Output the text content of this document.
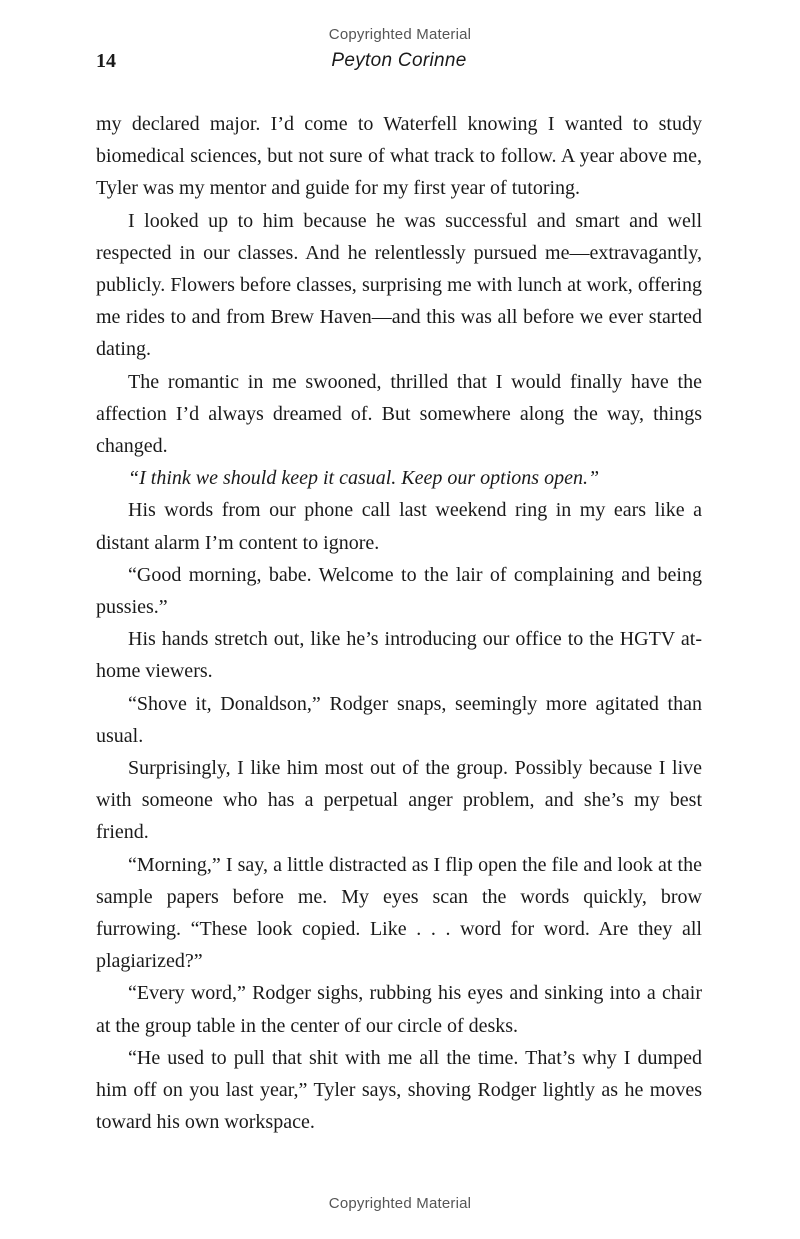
Copyrighted Material
14	Peyton Corinne

my declared major. I’d come to Waterfell knowing I wanted to study biomedical sciences, but not sure of what track to follow. A year above me, Tyler was my mentor and guide for my first year of tutoring.

I looked up to him because he was successful and smart and well respected in our classes. And he relentlessly pursued me—extravagantly, publicly. Flowers before classes, surprising me with lunch at work, offering me rides to and from Brew Haven—and this was all before we ever started dating.

The romantic in me swooned, thrilled that I would finally have the affection I’d always dreamed of. But somewhere along the way, things changed.

“I think we should keep it casual. Keep our options open.”

His words from our phone call last weekend ring in my ears like a distant alarm I’m content to ignore.

“Good morning, babe. Welcome to the lair of complaining and being pussies.”

His hands stretch out, like he’s introducing our office to the HGTV at-home viewers.

“Shove it, Donaldson,” Rodger snaps, seemingly more agitated than usual.

Surprisingly, I like him most out of the group. Possibly because I live with someone who has a perpetual anger problem, and she’s my best friend.

“Morning,” I say, a little distracted as I flip open the file and look at the sample papers before me. My eyes scan the words quickly, brow furrowing. “These look copied. Like . . . word for word. Are they all plagiarized?”

“Every word,” Rodger sighs, rubbing his eyes and sinking into a chair at the group table in the center of our circle of desks.

“He used to pull that shit with me all the time. That’s why I dumped him off on you last year,” Tyler says, shoving Rodger lightly as he moves toward his own workspace.

Copyrighted Material
